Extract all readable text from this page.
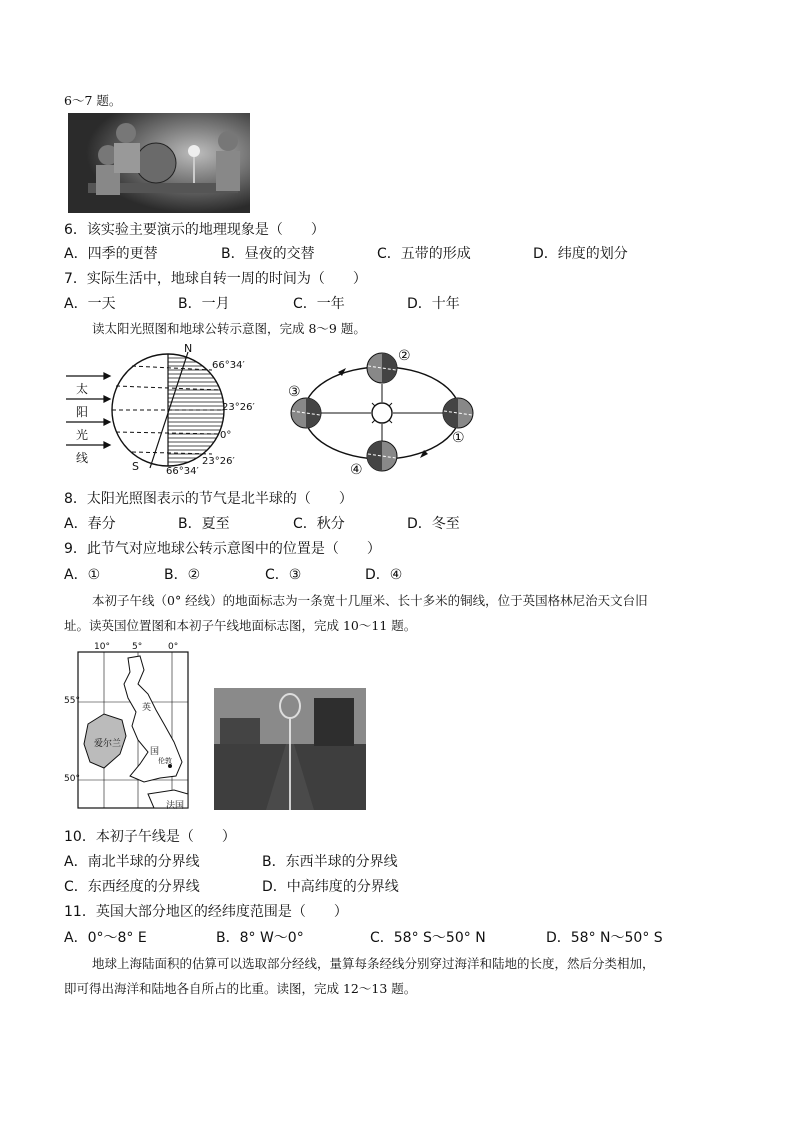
6～7 题。
6．该实验主要演示的地理现象是（　　）
A．四季的更替	B．昼夜的交替	C．五带的形成	D．纬度的划分
7．实际生活中，地球自转一周的时间为（　　）
A．一天	B．一月	C．一年	D．十年
读太阳光照图和地球公转示意图，完成 8～9 题。
太
阳
光
线
N
S
66°34′
23°26′
0°
23°26′
66°34′
①
②
③
④
8．太阳光照图表示的节气是北半球的（　　）
A．春分	B．夏至	C．秋分	D．冬至
9．此节气对应地球公转示意图中的位置是（　　）
A．①	B．②	C．③	D．④
本初子午线（0° 经线）的地面标志为一条宽十几厘米、长十多米的铜线，位于英国格林尼治天文台旧
址。读英国位置图和本初子午线地面标志图，完成 10～11 题。
10° 5°	0°
55°
50°
爱尔兰
英
国
伦敦
法国
10．本初子午线是（　　）
A．南北半球的分界线	B．东西半球的分界线
C．东西经度的分界线	D．中高纬度的分界线
11．英国大部分地区的经纬度范围是（　　）
A．0°～8° E	B．8° W～0°	C．58° S～50° N	D．58° N～50° S
地球上海陆面积的估算可以选取部分经线，量算每条经线分别穿过海洋和陆地的长度，然后分类相加，
即可得出海洋和陆地各自所占的比重。读图，完成 12～13 题。
